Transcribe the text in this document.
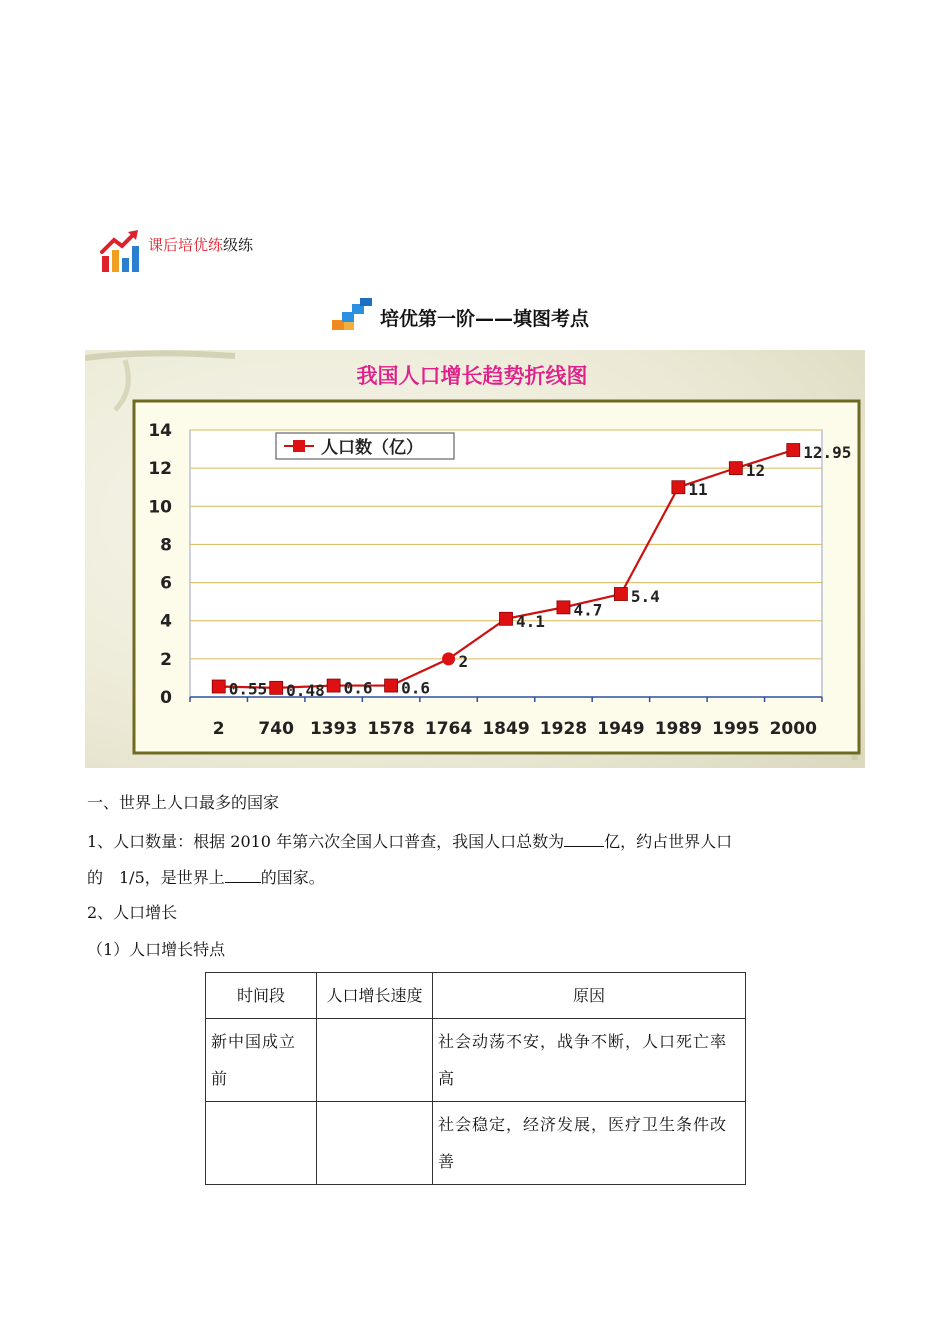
课后培优练级练
培优第一阶——填图考点
我国人口增长趋势折线图
0
2
4
6
8
10
12
14
2 740 1393 1578 1764 1849 1928 1949 1989 1995 2000
0.55 0.48 0.6 0.6
2
4.1
4.7
5.4
11
12
12.95
人口数（亿）
一、世界上人口最多的国家
1、人口数量：根据 2010 年第六次全国人口普查，我国人口总数为	亿，约占世界人口
的　1/5，是世界上 的国家。
2、人口增长
（1）人口增长特点
时间段	人口增长速度	原因
新中国成立前		社会动荡不安，战争不断，人口死亡率高
		社会稳定，经济发展，医疗卫生条件改善
